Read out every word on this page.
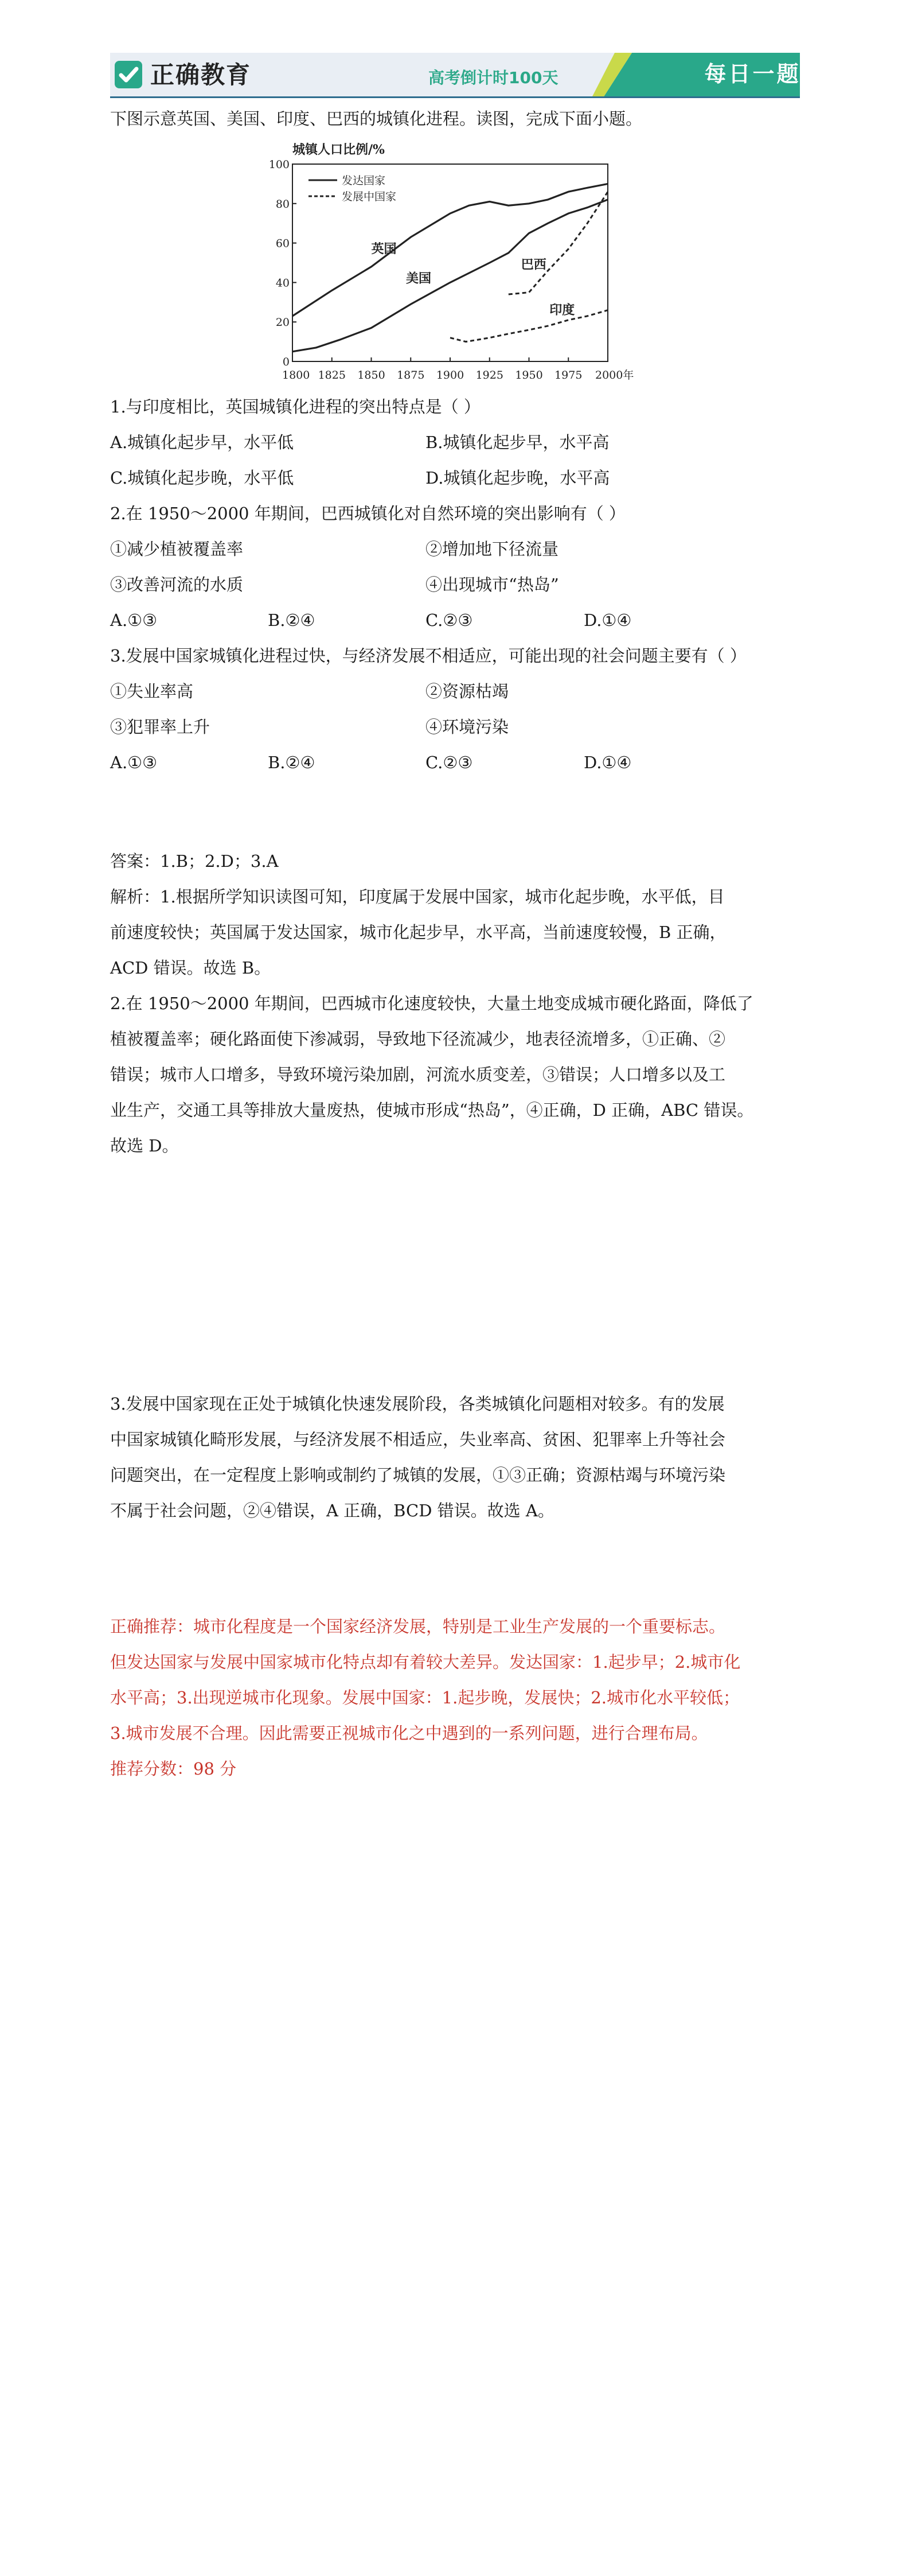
正确教育	高考倒计时100天	每日一题
下图示意英国、美国、印度、巴西的城镇化进程。读图，完成下面小题。
城镇人口比例/%
0
20
40
60
80
100
1800 1825 1850 1875 1900 1925 1950 1975 2000年
发达国家
发展中国家
英国
美国
巴西
印度
1.与印度相比，英国城镇化进程的突出特点是（ ）
A.城镇化起步早，水平低	B.城镇化起步早，水平高
C.城镇化起步晚，水平低	D.城镇化起步晚，水平高
2.在 1950～2000 年期间，巴西城镇化对自然环境的突出影响有（ ）
①减少植被覆盖率	②增加地下径流量
③改善河流的水质	④出现城市“热岛”
A.①③	B.②④	C.②③	D.①④
3.发展中国家城镇化进程过快，与经济发展不相适应，可能出现的社会问题主要有（ ）
①失业率高	②资源枯竭
③犯罪率上升	④环境污染
A.①③	B.②④	C.②③	D.①④
答案：1.B；2.D；3.A
解析：1.根据所学知识读图可知，印度属于发展中国家，城市化起步晚，水平低，目
前速度较快；英国属于发达国家，城市化起步早，水平高，当前速度较慢，B 正确，
ACD 错误。故选 B。
2.在 1950～2000 年期间，巴西城市化速度较快，大量土地变成城市硬化路面，降低了
植被覆盖率；硬化路面使下渗减弱，导致地下径流减少，地表径流增多，①正确、②
错误；城市人口增多，导致环境污染加剧，河流水质变差，③错误；人口增多以及工
业生产，交通工具等排放大量废热，使城市形成“热岛”，④正确，D 正确，ABC 错误。
故选 D。
3.发展中国家现在正处于城镇化快速发展阶段，各类城镇化问题相对较多。有的发展
中国家城镇化畸形发展，与经济发展不相适应，失业率高、贫困、犯罪率上升等社会
问题突出，在一定程度上影响或制约了城镇的发展，①③正确；资源枯竭与环境污染
不属于社会问题，②④错误，A 正确，BCD 错误。故选 A。
正确推荐：城市化程度是一个国家经济发展，特别是工业生产发展的一个重要标志。
但发达国家与发展中国家城市化特点却有着较大差异。发达国家：1.起步早；2.城市化
水平高；3.出现逆城市化现象。发展中国家：1.起步晚，发展快；2.城市化水平较低；
3.城市发展不合理。因此需要正视城市化之中遇到的一系列问题，进行合理布局。
推荐分数：98 分
